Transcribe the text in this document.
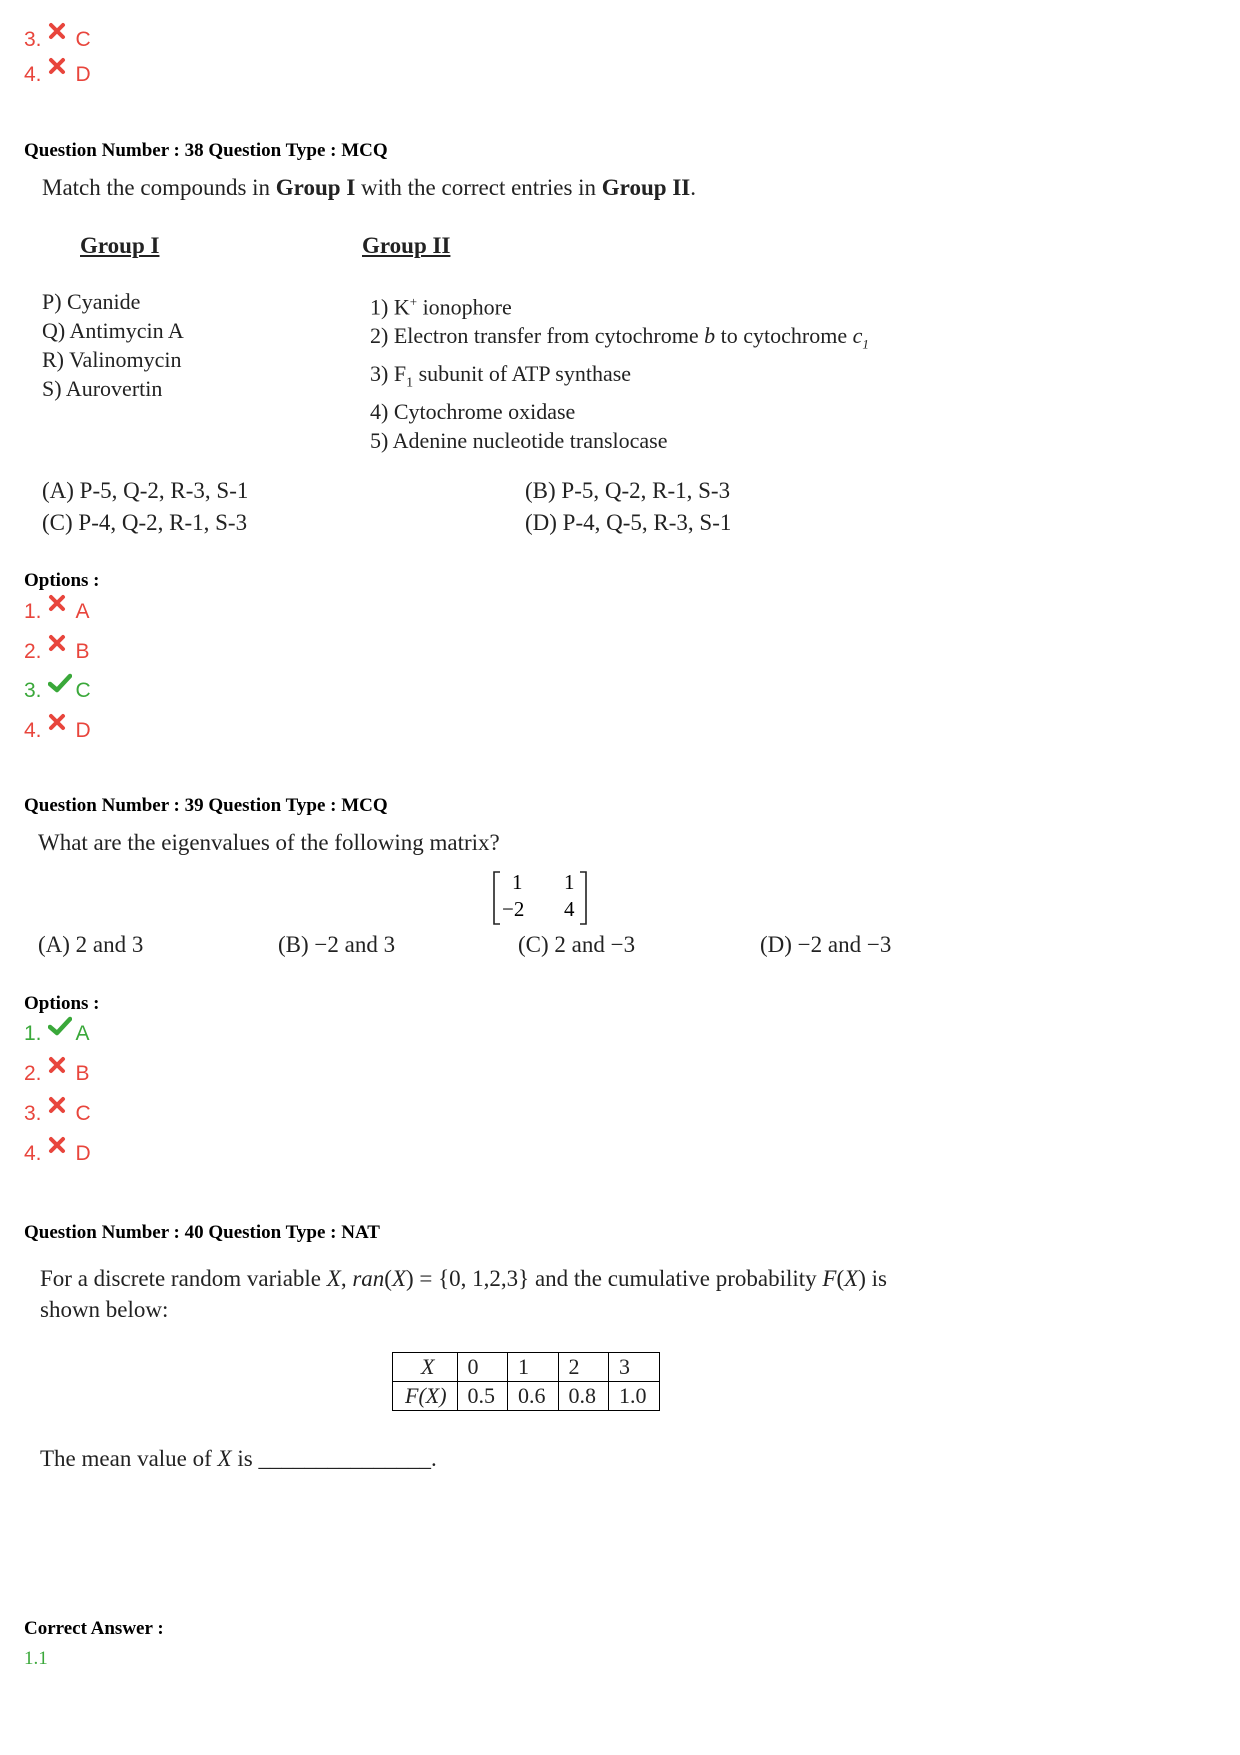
3. C
4. D
Question Number : 38 Question Type : MCQ
Match the compounds in Group I with the correct entries in Group II.
Group I	Group II
P) Cyanide
Q) Antimycin A
R) Valinomycin
S) Aurovertin
1) K+ ionophore
2) Electron transfer from cytochrome b to cytochrome $c_1$
3) $F_1$ subunit of ATP synthase
4) Cytochrome oxidase
5) Adenine nucleotide translocase
(A) P-5, Q-2, R-3, S-1	(B) P-5, Q-2, R-1, S-3
(C) P-4, Q-2, R-1, S-3	(D) P-4, Q-5, R-3, S-1
Options :
1. A
2. B
3. C
4. D
Question Number : 39 Question Type : MCQ
What are the eigenvalues of the following matrix?
1 1
−2 4
(A) 2 and 3	(B) −2 and 3	(C) 2 and −3	(D) −2 and −3
Options :
1. A
2. B
3. C
4. D
Question Number : 40 Question Type : NAT
For a discrete random variable X, ran(X) = {0, 1,2,3} and the cumulative probability F(X) is
shown below:
X	0	1	2	3
F(X)	0.5	0.6	0.8	1.0
The mean value of X is _______________.
Correct Answer :
1.1
